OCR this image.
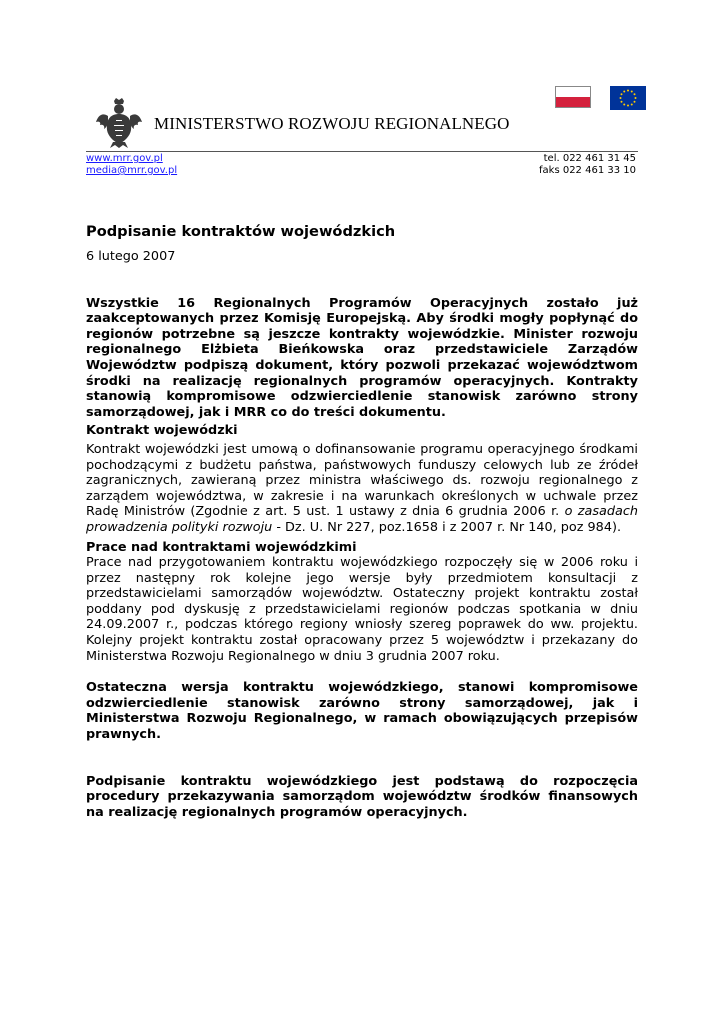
MINISTERSTWO ROZWOJU REGIONALNEGO
www.mrr.gov.pl
media@mrr.gov.pl
tel. 022 461 31 45
faks 022 461 33 10
Podpisanie kontraktów wojewódzkich

6 lutego 2007

Wszystkie 16 Regionalnych Programów Operacyjnych zostało już zaakceptowanych przez Komisję Europejską. Aby środki mogły popłynąć do regionów potrzebne są jeszcze kontrakty wojewódzkie. Minister rozwoju regionalnego Elżbieta Bieńkowska oraz przedstawiciele Zarządów Województw podpiszą dokument, który pozwoli przekazać województwom środki na realizację regionalnych programów operacyjnych. Kontrakty stanowią kompromisowe odzwierciedlenie stanowisk zarówno strony samorządowej, jak i MRR co do treści dokumentu.

Kontrakt wojewódzki

Kontrakt wojewódzki jest umową o dofinansowanie programu operacyjnego środkami pochodzącymi z budżetu państwa, państwowych funduszy celowych lub ze źródeł zagranicznych, zawieraną przez ministra właściwego ds. rozwoju regionalnego z zarządem województwa, w zakresie i na warunkach określonych w uchwale przez Radę Ministrów (Zgodnie z art. 5 ust. 1 ustawy z dnia 6 grudnia 2006 r. o zasadach prowadzenia polityki rozwoju - Dz. U. Nr 227, poz.1658 i z 2007 r. Nr 140, poz 984).

Prace nad kontraktami wojewódzkimi

Prace nad przygotowaniem kontraktu wojewódzkiego rozpoczęły się w 2006 roku i przez następny rok kolejne jego wersje były przedmiotem konsultacji z przedstawicielami samorządów województw. Ostateczny projekt kontraktu został poddany pod dyskusję z przedstawicielami regionów podczas spotkania w dniu 24.09.2007 r., podczas którego regiony wniosły szereg poprawek do ww. projektu. Kolejny projekt kontraktu został opracowany przez 5 województw i przekazany do Ministerstwa Rozwoju Regionalnego w dniu 3 grudnia 2007 roku.

Ostateczna wersja kontraktu wojewódzkiego, stanowi kompromisowe odzwierciedlenie stanowisk zarówno strony samorządowej, jak i Ministerstwa Rozwoju Regionalnego, w ramach obowiązujących przepisów prawnych.

Podpisanie kontraktu wojewódzkiego jest podstawą do rozpoczęcia procedury przekazywania samorządom województw środków finansowych na realizację regionalnych programów operacyjnych.
